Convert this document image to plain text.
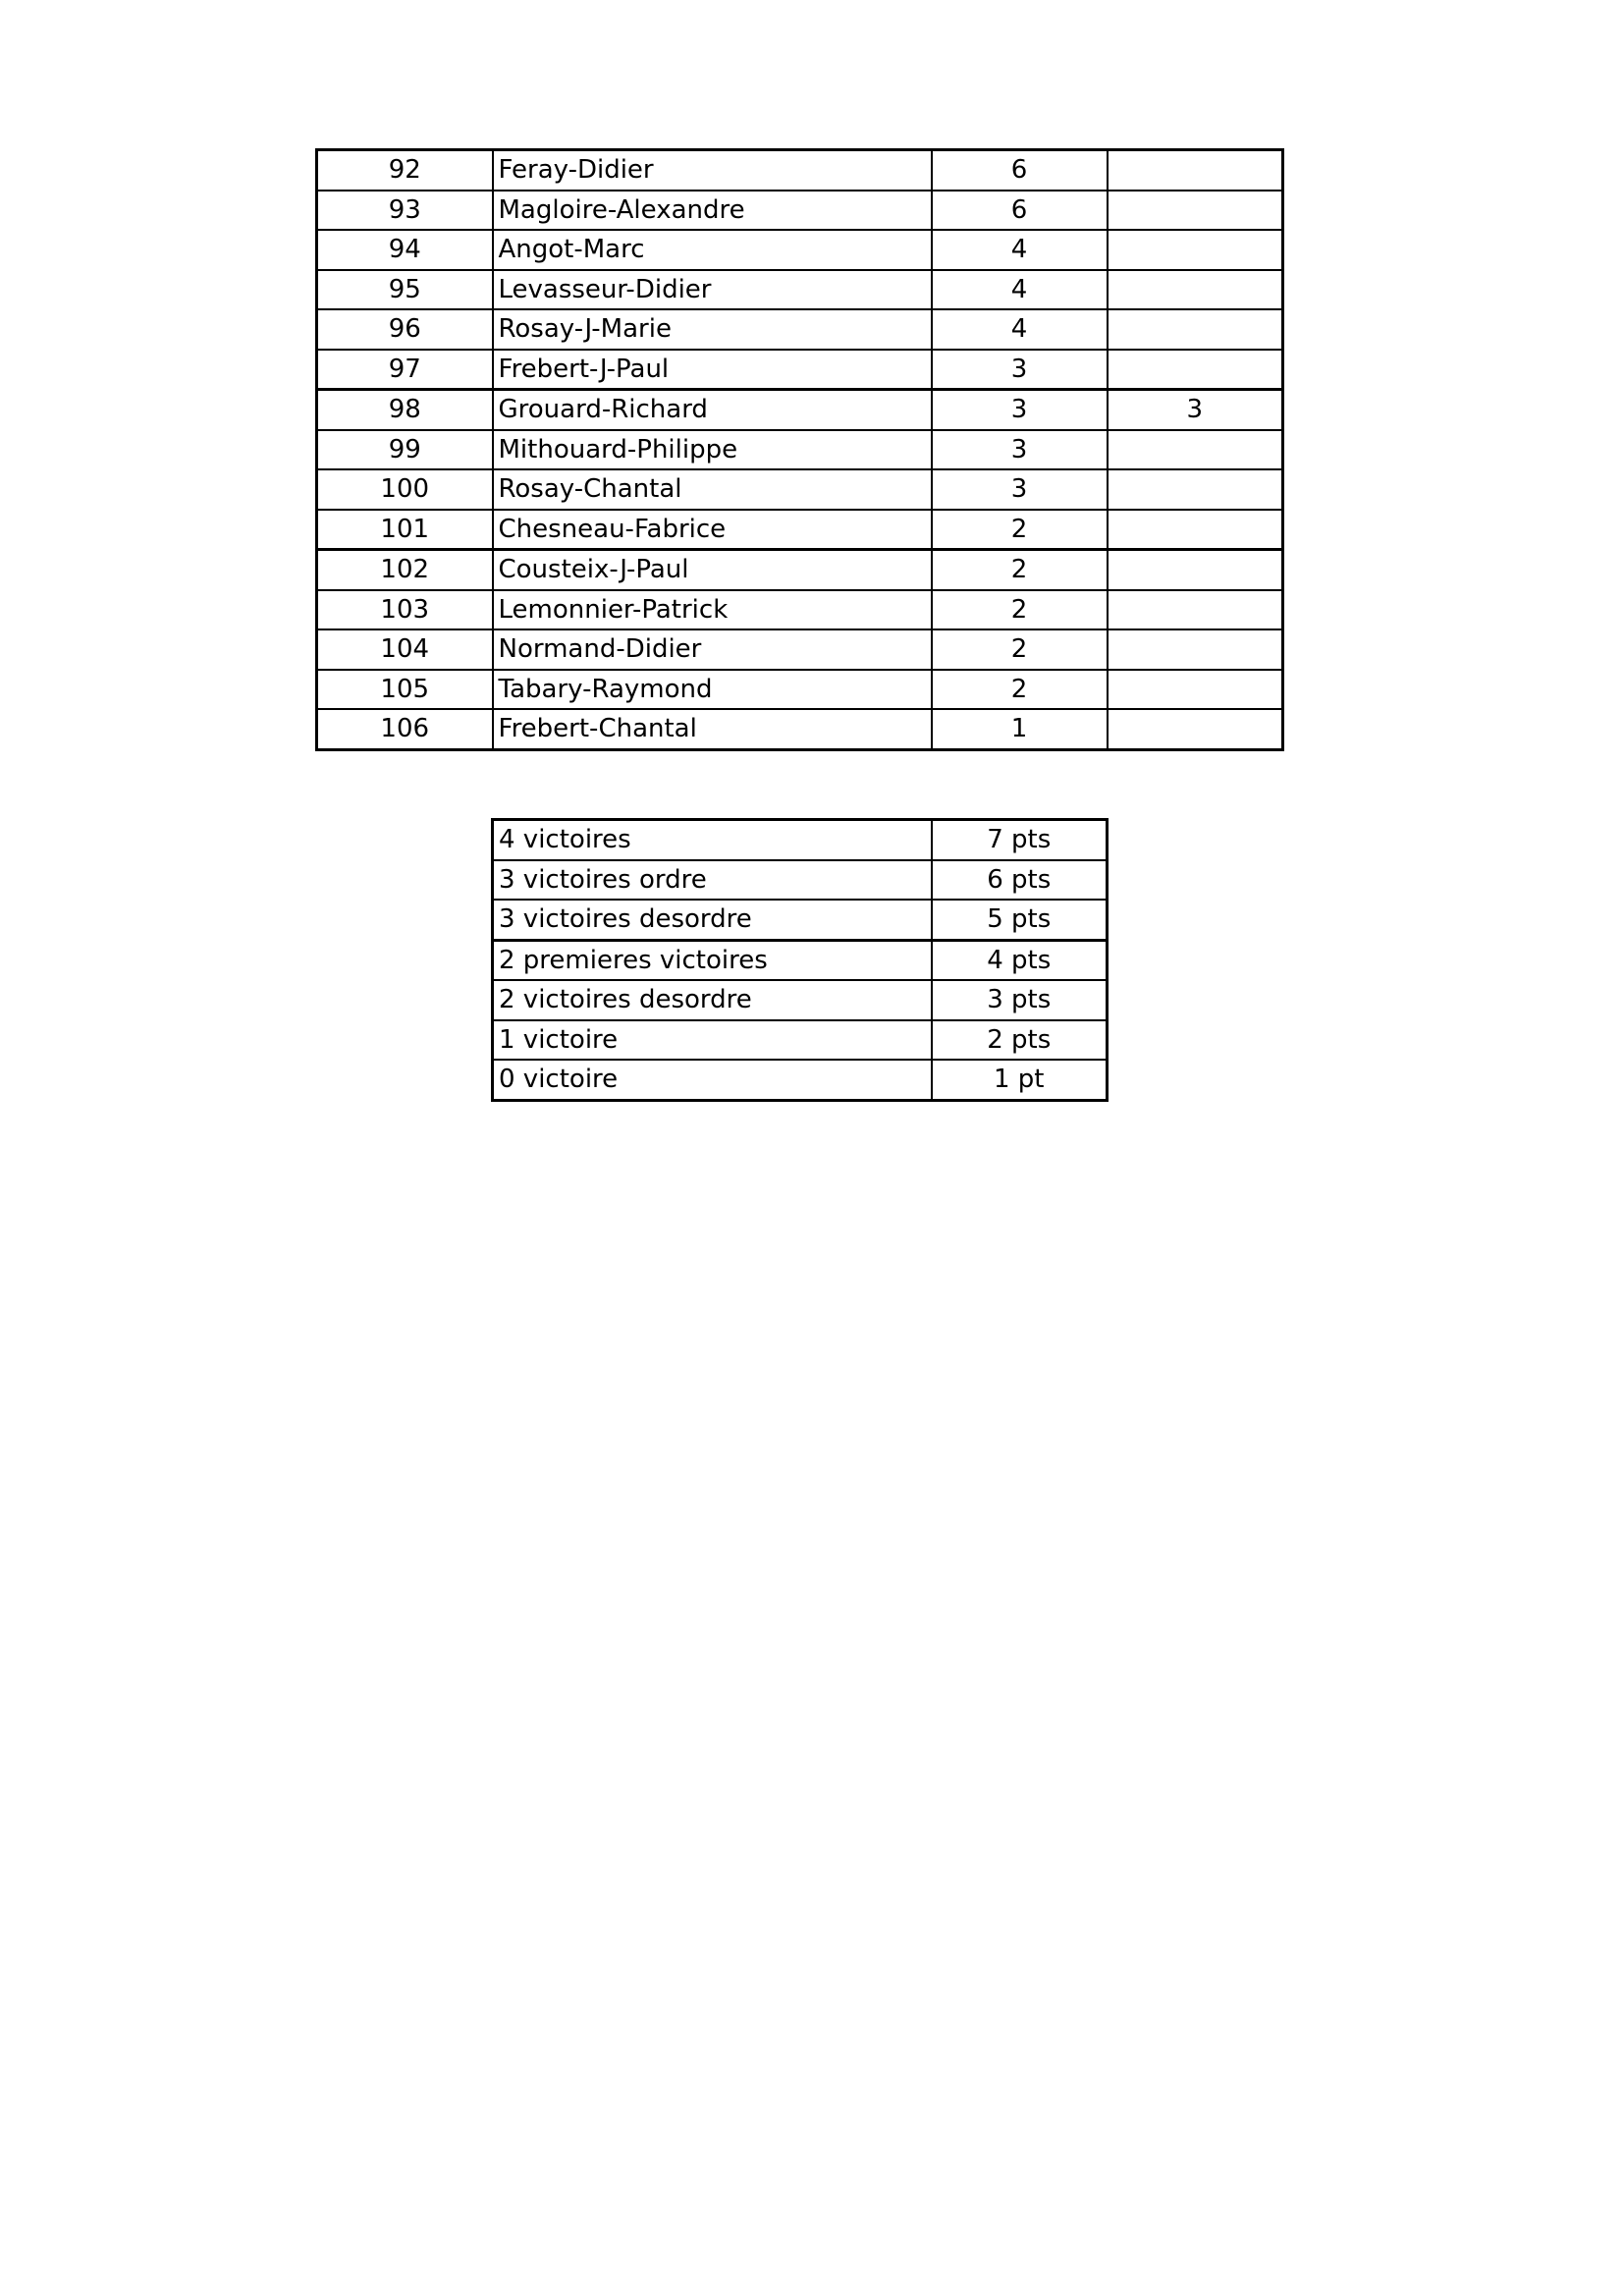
92	Feray-Didier	6	
93	Magloire-Alexandre	6	
94	Angot-Marc	4	
95	Levasseur-Didier	4	
96	Rosay-J-Marie	4	
97	Frebert-J-Paul	3	
98	Grouard-Richard	3	3
99	Mithouard-Philippe	3	
100	Rosay-Chantal	3	
101	Chesneau-Fabrice	2	
102	Cousteix-J-Paul	2	
103	Lemonnier-Patrick	2	
104	Normand-Didier	2	
105	Tabary-Raymond	2	
106	Frebert-Chantal	1	
4 victoires	7 pts
3 victoires ordre	6 pts
3 victoires desordre	5 pts
2 premieres victoires	4 pts
2 victoires desordre	3 pts
1 victoire	2 pts
0 victoire	1 pt
